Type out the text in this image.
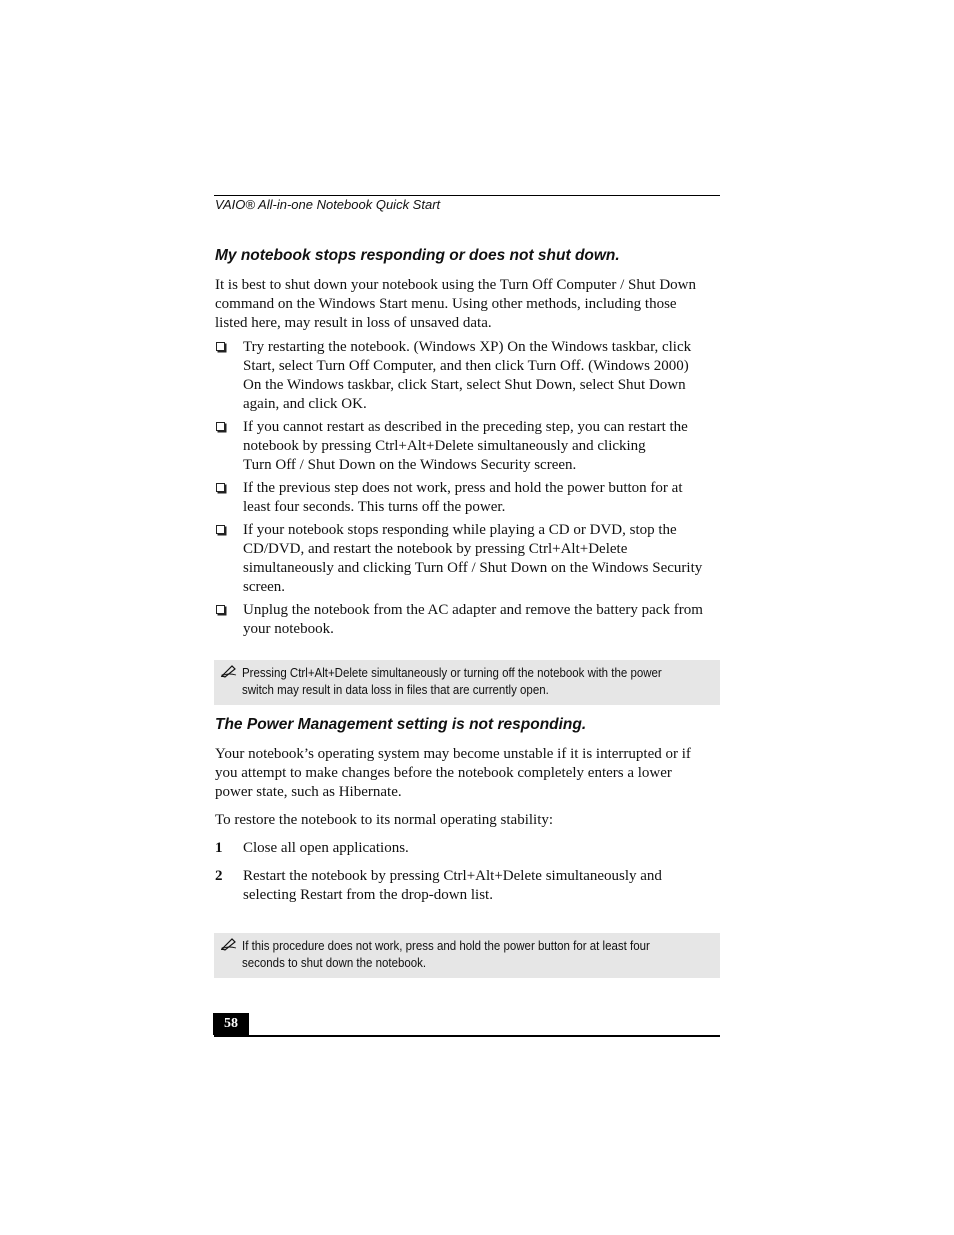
VAIO® All-in-one Notebook Quick Start
My notebook stops responding or does not shut down.

It is best to shut down your notebook using the Turn Off Computer / Shut Down
command on the Windows Start menu. Using other methods, including those
listed here, may result in loss of unsaved data.

Try restarting the notebook. (Windows XP) On the Windows taskbar, click
Start, select Turn Off Computer, and then click Turn Off. (Windows 2000)
On the Windows taskbar, click Start, select Shut Down, select Shut Down
again, and click OK.
If you cannot restart as described in the preceding step, you can restart the
notebook by pressing Ctrl+Alt+Delete simultaneously and clicking
Turn Off / Shut Down on the Windows Security screen.
If the previous step does not work, press and hold the power button for at
least four seconds. This turns off the power.
If your notebook stops responding while playing a CD or DVD, stop the
CD/DVD, and restart the notebook by pressing Ctrl+Alt+Delete
simultaneously and clicking Turn Off / Shut Down on the Windows Security
screen.
Unplug the notebook from the AC adapter and remove the battery pack from
your notebook.
Pressing Ctrl+Alt+Delete simultaneously or turning off the notebook with the power
switch may result in data loss in files that are currently open.
The Power Management setting is not responding.

Your notebook’s operating system may become unstable if it is interrupted or if
you attempt to make changes before the notebook completely enters a lower
power state, such as Hibernate.

To restore the notebook to its normal operating stability:

1 Close all open applications.
2 Restart the notebook by pressing Ctrl+Alt+Delete simultaneously and
selecting Restart from the drop-down list.
If this procedure does not work, press and hold the power button for at least four
seconds to shut down the notebook.
58
